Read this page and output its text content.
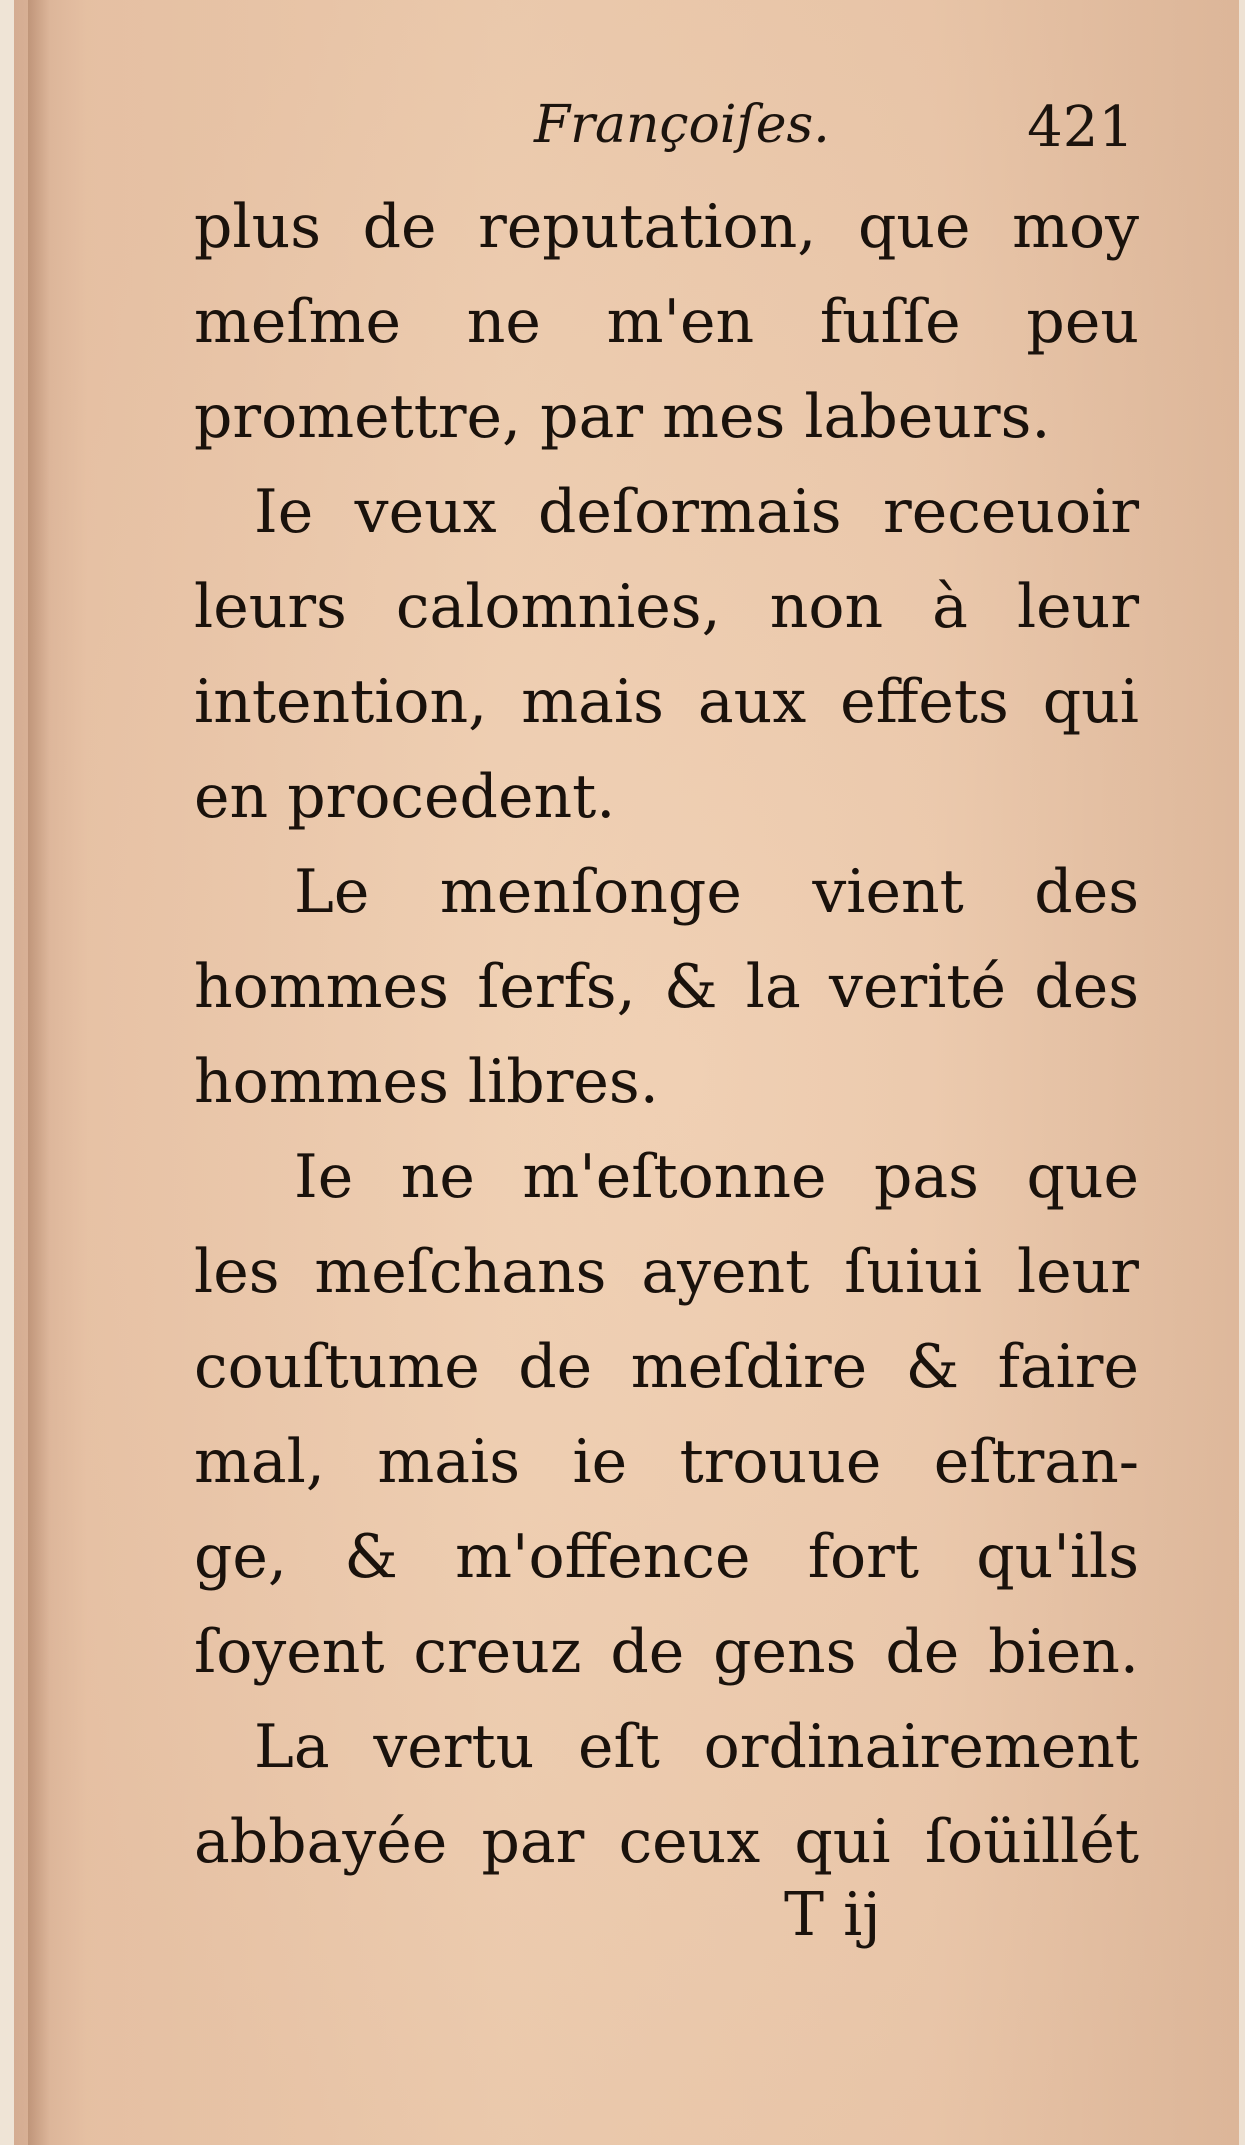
Françoiſes.	421
plus de reputation, que moy
meſme ne m'en fuſſe peu
promettre, par mes labeurs.
Ie veux deſormais receuoir
leurs calomnies, non à leur
intention, mais aux effets qui
en procedent.
Le menſonge vient des
hommes ſerfs, & la verité des
hommes libres.
Ie ne m'eſtonne pas que
les meſchans ayent ſuiui leur
couſtume de meſdire & faire
mal, mais ie trouue eſtran-
ge, & m'offence fort qu'ils
ſoyent creuz de gens de bien.
La vertu eſt ordinairement
abbayée par ceux qui ſoüillét
T ij
